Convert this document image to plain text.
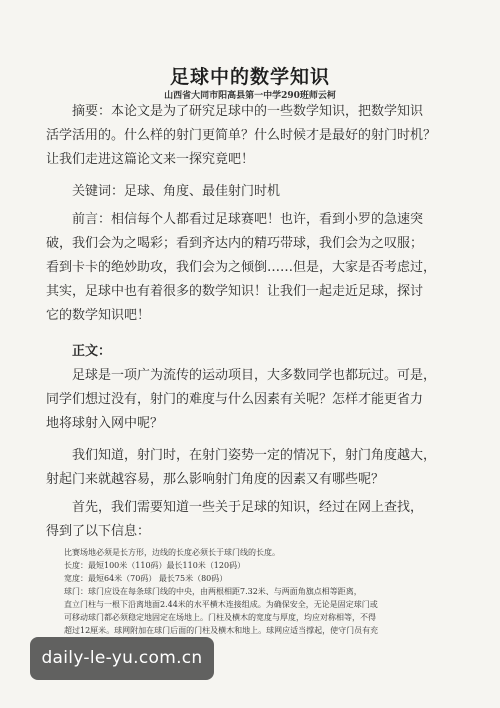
足球中的数学知识
山西省大同市阳高县第一中学290班师云柯
摘要：本论文是为了研究足球中的一些数学知识，把数学知识
活学活用的。什么样的射门更简单？什么时候才是最好的射门时机？
让我们走进这篇论文来一探究竟吧！
关键词：足球、角度、最佳射门时机
前言：相信每个人都看过足球赛吧！也许，看到小罗的急速突
破，我们会为之喝彩；看到齐达内的精巧带球，我们会为之叹服；
看到卡卡的绝妙助攻，我们会为之倾倒……但是，大家是否考虑过，
其实，足球中也有着很多的数学知识！让我们一起走近足球，探讨
它的数学知识吧！
正文：
足球是一项广为流传的运动项目，大多数同学也都玩过。可是，
同学们想过没有，射门的难度与什么因素有关呢？怎样才能更省力
地将球射入网中呢？
我们知道，射门时，在射门姿势一定的情况下，射门角度越大，
射起门来就越容易，那么影响射门角度的因素又有哪些呢？
首先，我们需要知道一些关于足球的知识，经过在网上查找，
得到了以下信息：
比赛场地必须是长方形，边线的长度必须长于球门线的长度。
长度：最短100米（110码）最长110米（120码）
宽度：最短64米（70码） 最长75米（80码）
球门：球门应设在每条球门线的中央，由两根相距7.32米、与两面角旗点相等距离，
直立门柱与一根下沿离地面2.44米的水平横木连接组成。为确保安全，无论是固定球门或
可移动球门都必须稳定地固定在场地上。门柱及横木的宽度与厚度，均应对称相等，不得
超过12厘米。球网附加在球门后面的门柱及横木和地上。球网应适当撑起，使守门员有充
daily-le-yu.com.cn
